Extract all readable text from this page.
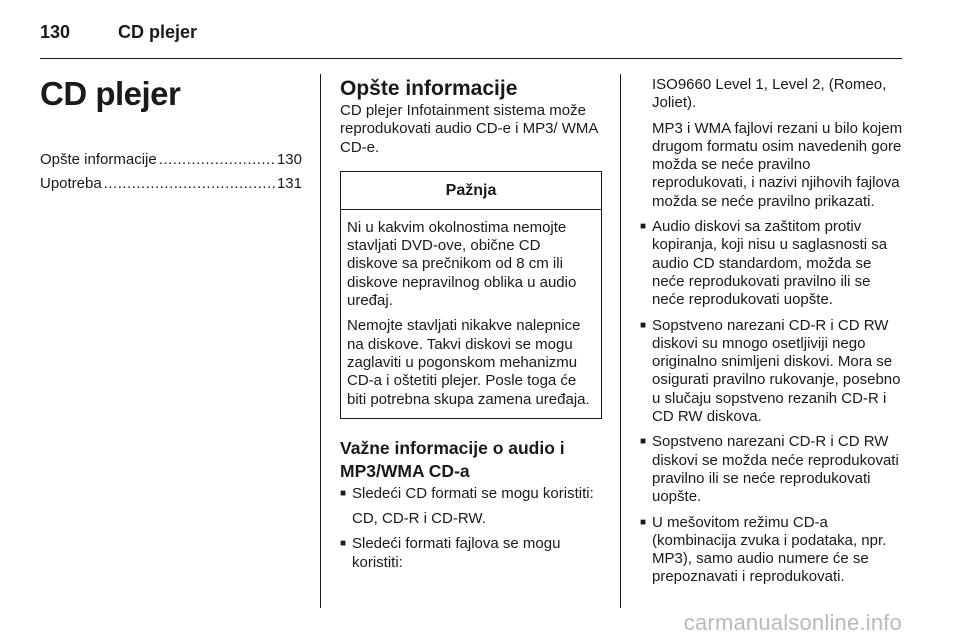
130	CD plejer
CD plejer
Opšte informacije .....	130
Upotreba .....	131
Opšte informacije

CD plejer Infotainment sistema može reprodukovati audio CD-e i MP3/ WMA CD-e.

Pažnja

Ni u kakvim okolnostima nemojte stavljati DVD-ove, obične CD diskove sa prečnikom od 8 cm ili diskove nepravilnog oblika u audio uređaj.

Nemojte stavljati nikakve nalepnice na diskove. Takvi diskovi se mogu zaglaviti u pogonskom mehanizmu CD-a i oštetiti plejer. Posle toga će biti potrebna skupa zamena uređaja.

Važne informacije o audio i MP3/WMA CD-a
■ Sledeći CD formati se mogu koristiti:

CD, CD-R i CD-RW.

■ Sledeći formati fajlova se mogu koristiti:

ISO9660 Level 1, Level 2, (Romeo, Joliet).

MP3 i WMA fajlovi rezani u bilo kojem drugom formatu osim navedenih gore možda se neće pravilno reprodukovati, i nazivi njihovih fajlova možda se neće pravilno prikazati.

■ Audio diskovi sa zaštitom protiv kopiranja, koji nisu u saglasnosti sa audio CD standardom, možda se neće reprodukovati pravilno ili se neće reprodukovati uopšte.
■ Sopstveno narezani CD-R i CD RW diskovi su mnogo osetljiviji nego originalno snimljeni diskovi. Mora se osigurati pravilno rukovanje, posebno u slučaju sopstveno rezanih CD-R i CD RW diskova.
■ Sopstveno narezani CD-R i CD RW diskovi se možda neće reprodukovati pravilno ili se neće reprodukovati uopšte.
■ U mešovitom režimu CD-a (kombinacija zvuka i podataka, npr. MP3), samo audio numere će se prepoznavati i reprodukovati.
carmanualsonline.info
